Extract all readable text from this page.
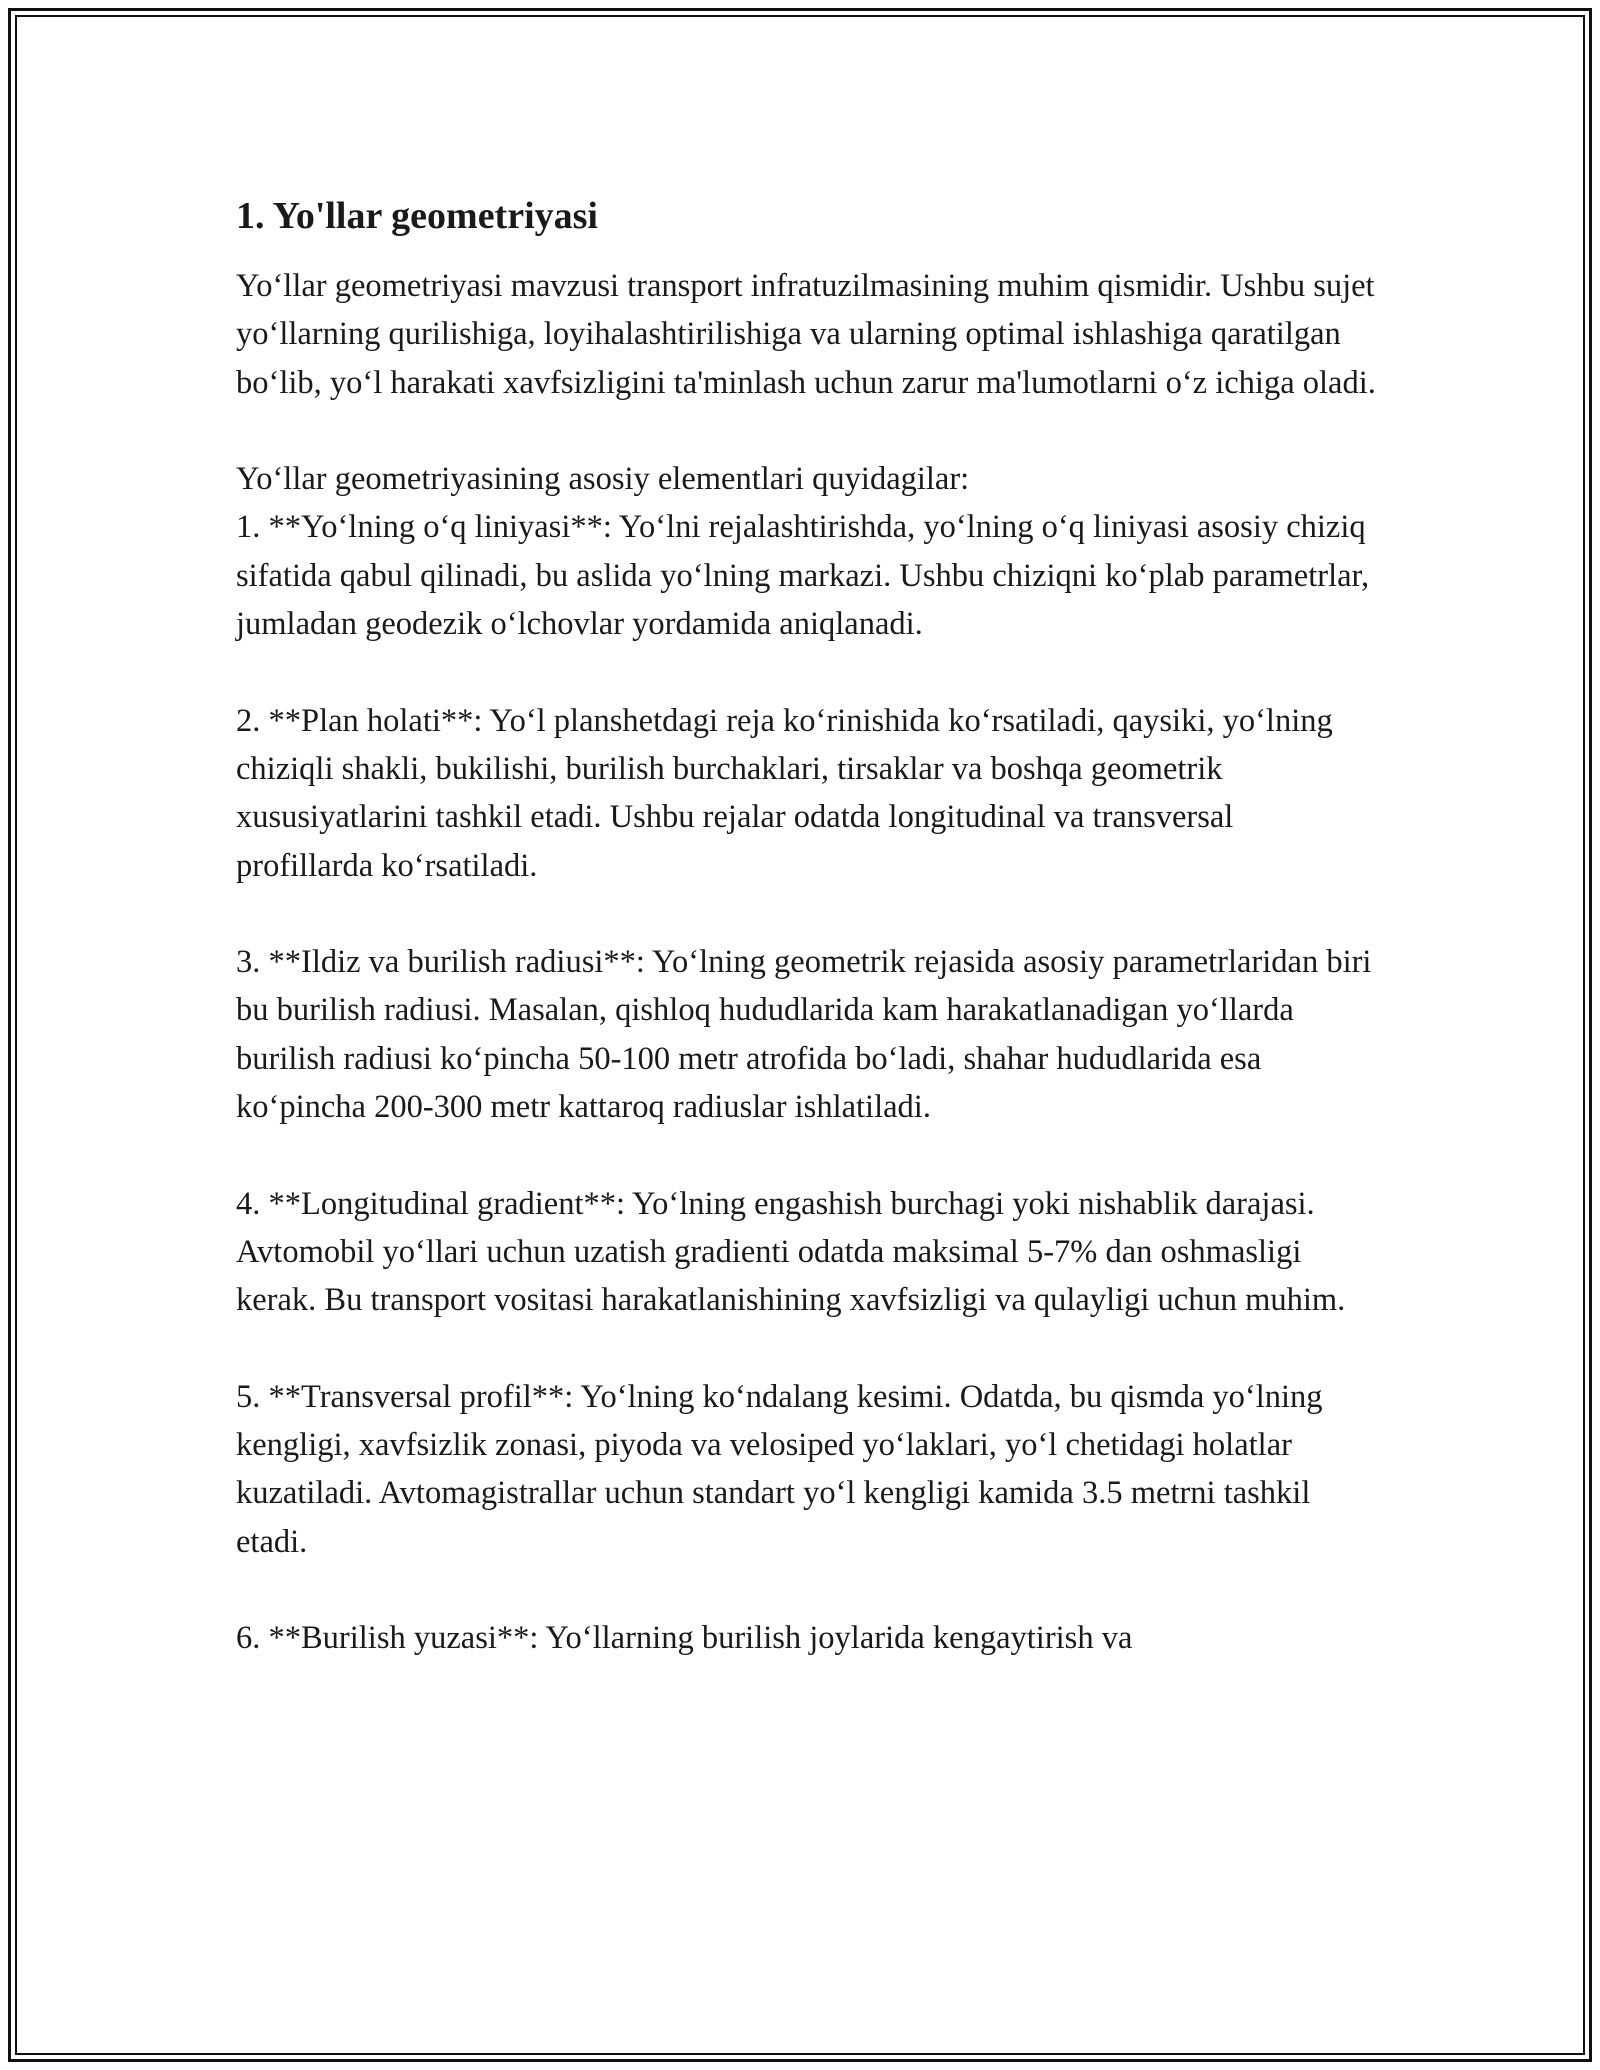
1. Yo'llar geometriyasi

Yo‘llar geometriyasi mavzusi transport infratuzilmasining muhim qismidir. Ushbu sujet yo‘llarning qurilishiga, loyihalashtirilishiga va ularning optimal ishlashiga qaratilgan bo‘lib, yo‘l harakati xavfsizligini ta'minlash uchun zarur ma'lumotlarni o‘z ichiga oladi.

Yo‘llar geometriyasining asosiy elementlari quyidagilar:

1. **Yo‘lning o‘q liniyasi**: Yo‘lni rejalashtirishda, yo‘lning o‘q liniyasi asosiy chiziq sifatida qabul qilinadi, bu aslida yo‘lning markazi. Ushbu chiziqni ko‘plab parametrlar, jumladan geodezik o‘lchovlar yordamida aniqlanadi.

2. **Plan holati**: Yo‘l planshetdagi reja ko‘rinishida ko‘rsatiladi, qaysiki, yo‘lning chiziqli shakli, bukilishi, burilish burchaklari, tirsaklar va boshqa geometrik xususiyatlarini tashkil etadi. Ushbu rejalar odatda longitudinal va transversal profillarda ko‘rsatiladi.

3. **Ildiz va burilish radiusi**: Yo‘lning geometrik rejasida asosiy parametrlaridan biri bu burilish radiusi. Masalan, qishloq hududlarida kam harakatlanadigan yo‘llarda burilish radiusi ko‘pincha 50-100 metr atrofida bo‘ladi, shahar hududlarida esa ko‘pincha 200-300 metr kattaroq radiuslar ishlatiladi.

4. **Longitudinal gradient**: Yo‘lning engashish burchagi yoki nishablik darajasi. Avtomobil yo‘llari uchun uzatish gradienti odatda maksimal 5-7% dan oshmasligi kerak. Bu transport vositasi harakatlanishining xavfsizligi va qulayligi uchun muhim.

5. **Transversal profil**: Yo‘lning ko‘ndalang kesimi. Odatda, bu qismda yo‘lning kengligi, xavfsizlik zonasi, piyoda va velosiped yo‘laklari, yo‘l chetidagi holatlar kuzatiladi. Avtomagistrallar uchun standart yo‘l kengligi kamida 3.5 metrni tashkil etadi.

6. **Burilish yuzasi**: Yo‘llarning burilish joylarida kengaytirish va
